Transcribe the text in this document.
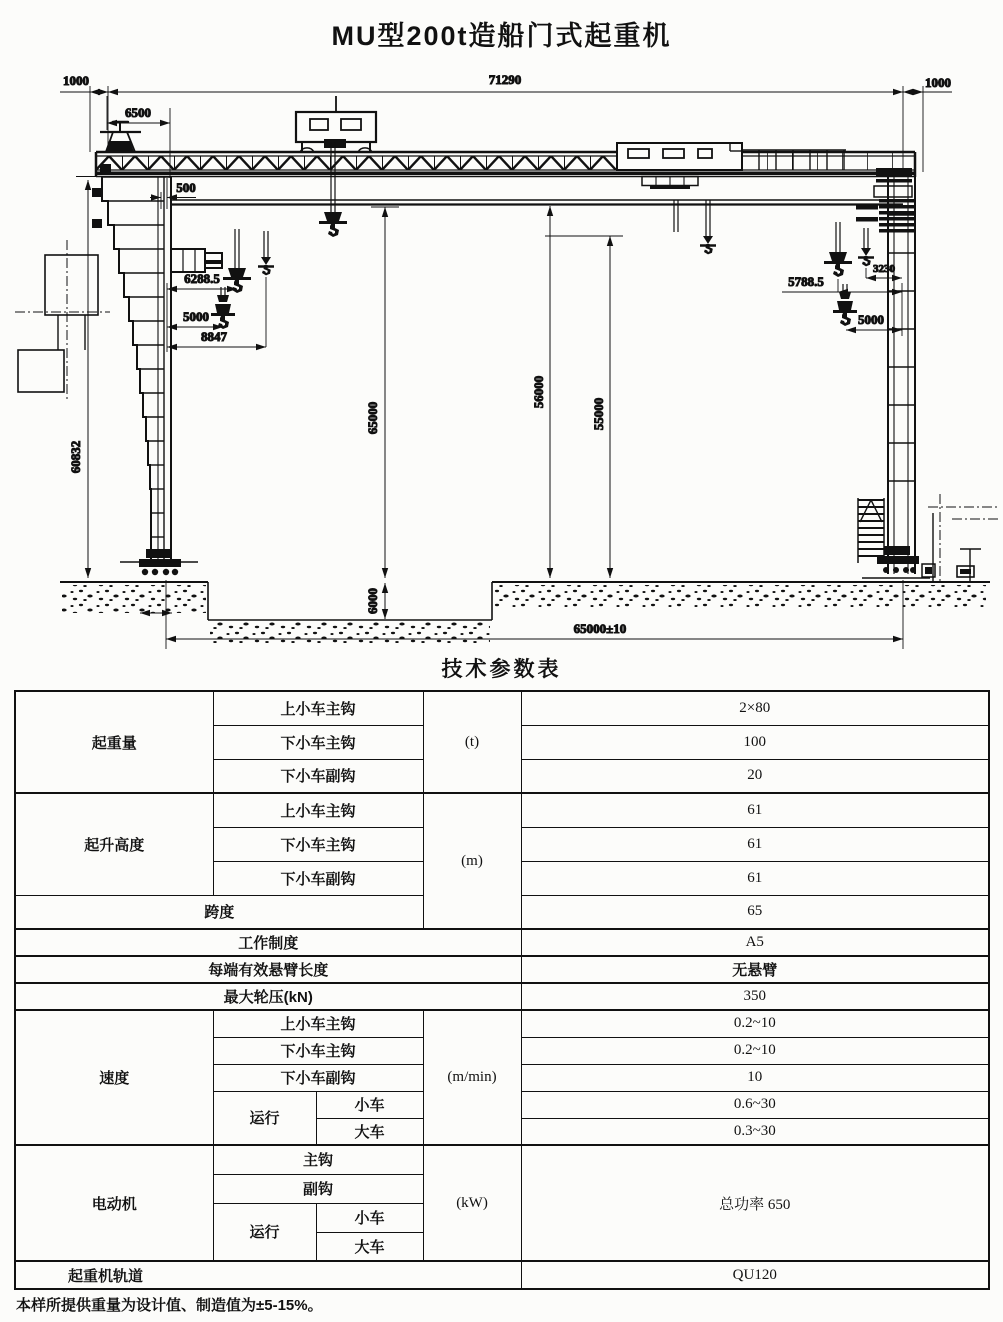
MU型200t造船门式起重机
1000	71290	1000
500
6500
6288.5
5000
8847
60832
5788.5
3230
5000
65000
6000
56000
55000
65000±10
技术参数表
起重量	上小车主钩		(t)	2×80
	下小车主钩			100
	下小车副钩			20
起升高度	上小车主钩		(m)	61
	下小车主钩			61
	下小车副钩			61
跨度				65
工作制度				A5
每端有效悬臂长度				无悬臂
最大轮压(kN)				350
速度	上小车主钩		(m/min)	0.2~10
	下小车主钩			0.2~10
	下小车副钩			10
	运行	小车		0.6~30
		大车		0.3~30
电动机	主钩		(kW)	总功率 650
	副钩			
	运行	小车		
		大车		
起重机轨道				QU120
本样所提供重量为设计值、制造值为±5-15%。
